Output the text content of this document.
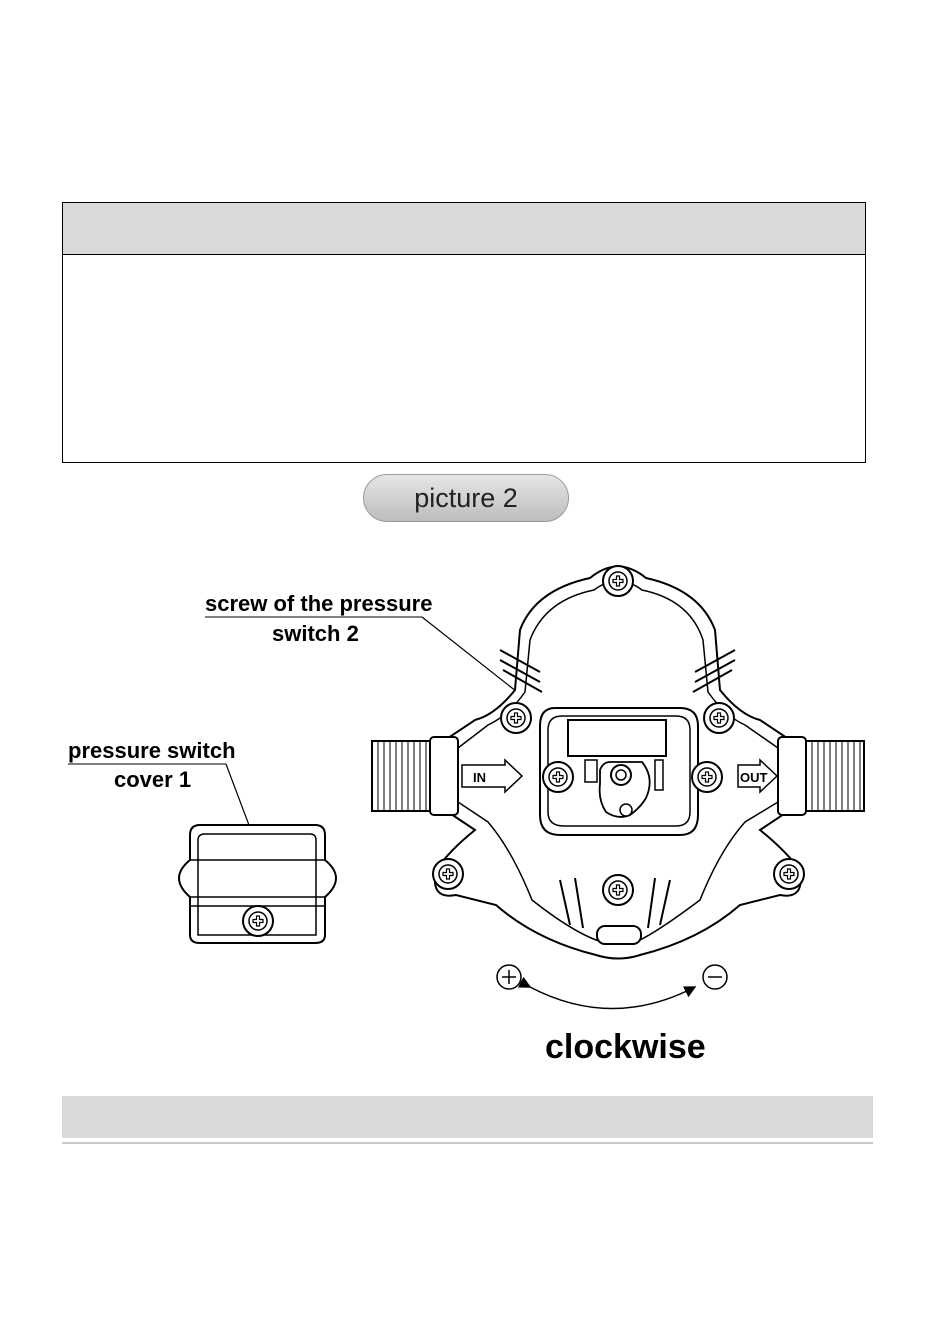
picture 2
screw of the pressure
switch 2
pressure switch
cover 1	IN	OUT
clockwise
